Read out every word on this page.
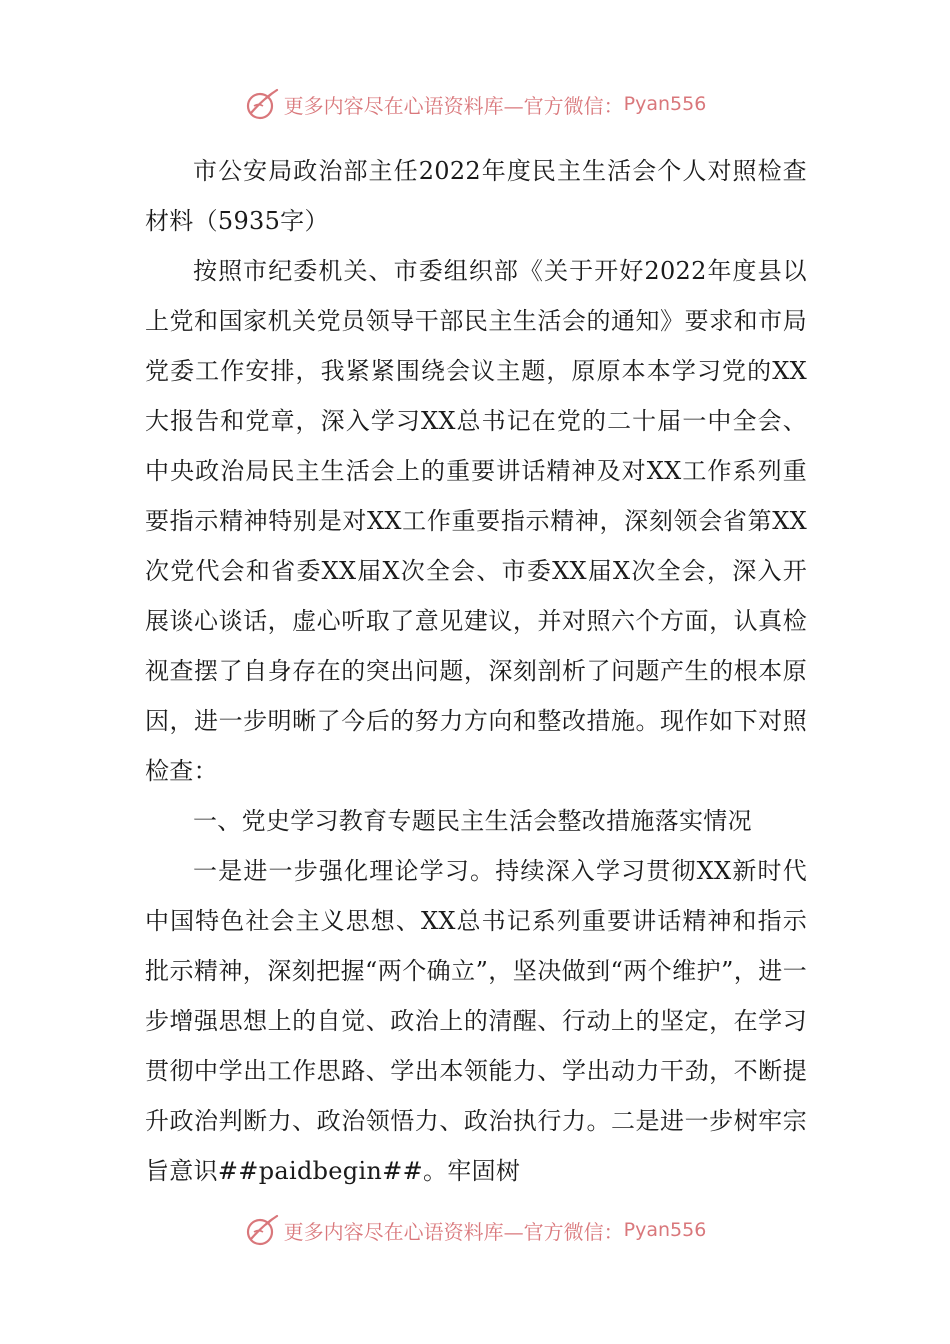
更多内容尽在心语资料库—官方微信： Pyan556

市公安局政治部主任2022年度民主生活会个人对照检查材料（5935字）

按照市纪委机关、市委组织部《关于开好2022年度县以上党和国家机关党员领导干部民主生活会的通知》要求和市局党委工作安排，我紧紧围绕会议主题，原原本本学习党的XX大报告和党章，深入学习XX总书记在党的二十届一中全会、中央政治局民主生活会上的重要讲话精神及对XX工作系列重要指示精神特别是对XX工作重要指示精神，深刻领会省第XX次党代会和省委XX届X次全会、市委XX届X次全会，深入开展谈心谈话，虚心听取了意见建议，并对照六个方面，认真检视查摆了自身存在的突出问题，深刻剖析了问题产生的根本原因，进一步明晰了今后的努力方向和整改措施。现作如下对照检查：

一、党史学习教育专题民主生活会整改措施落实情况

一是进一步强化理论学习。持续深入学习贯彻XX新时代中国特色社会主义思想、XX总书记系列重要讲话精神和指示批示精神，深刻把握“两个确立”，坚决做到“两个维护”，进一步增强思想上的自觉、政治上的清醒、行动上的坚定，在学习贯彻中学出工作思路、学出本领能力、学出动力干劲，不断提升政治判断力、政治领悟力、政治执行力。二是进一步树牢宗旨意识##paidbegin##。牢固树

更多内容尽在心语资料库—官方微信： Pyan556
